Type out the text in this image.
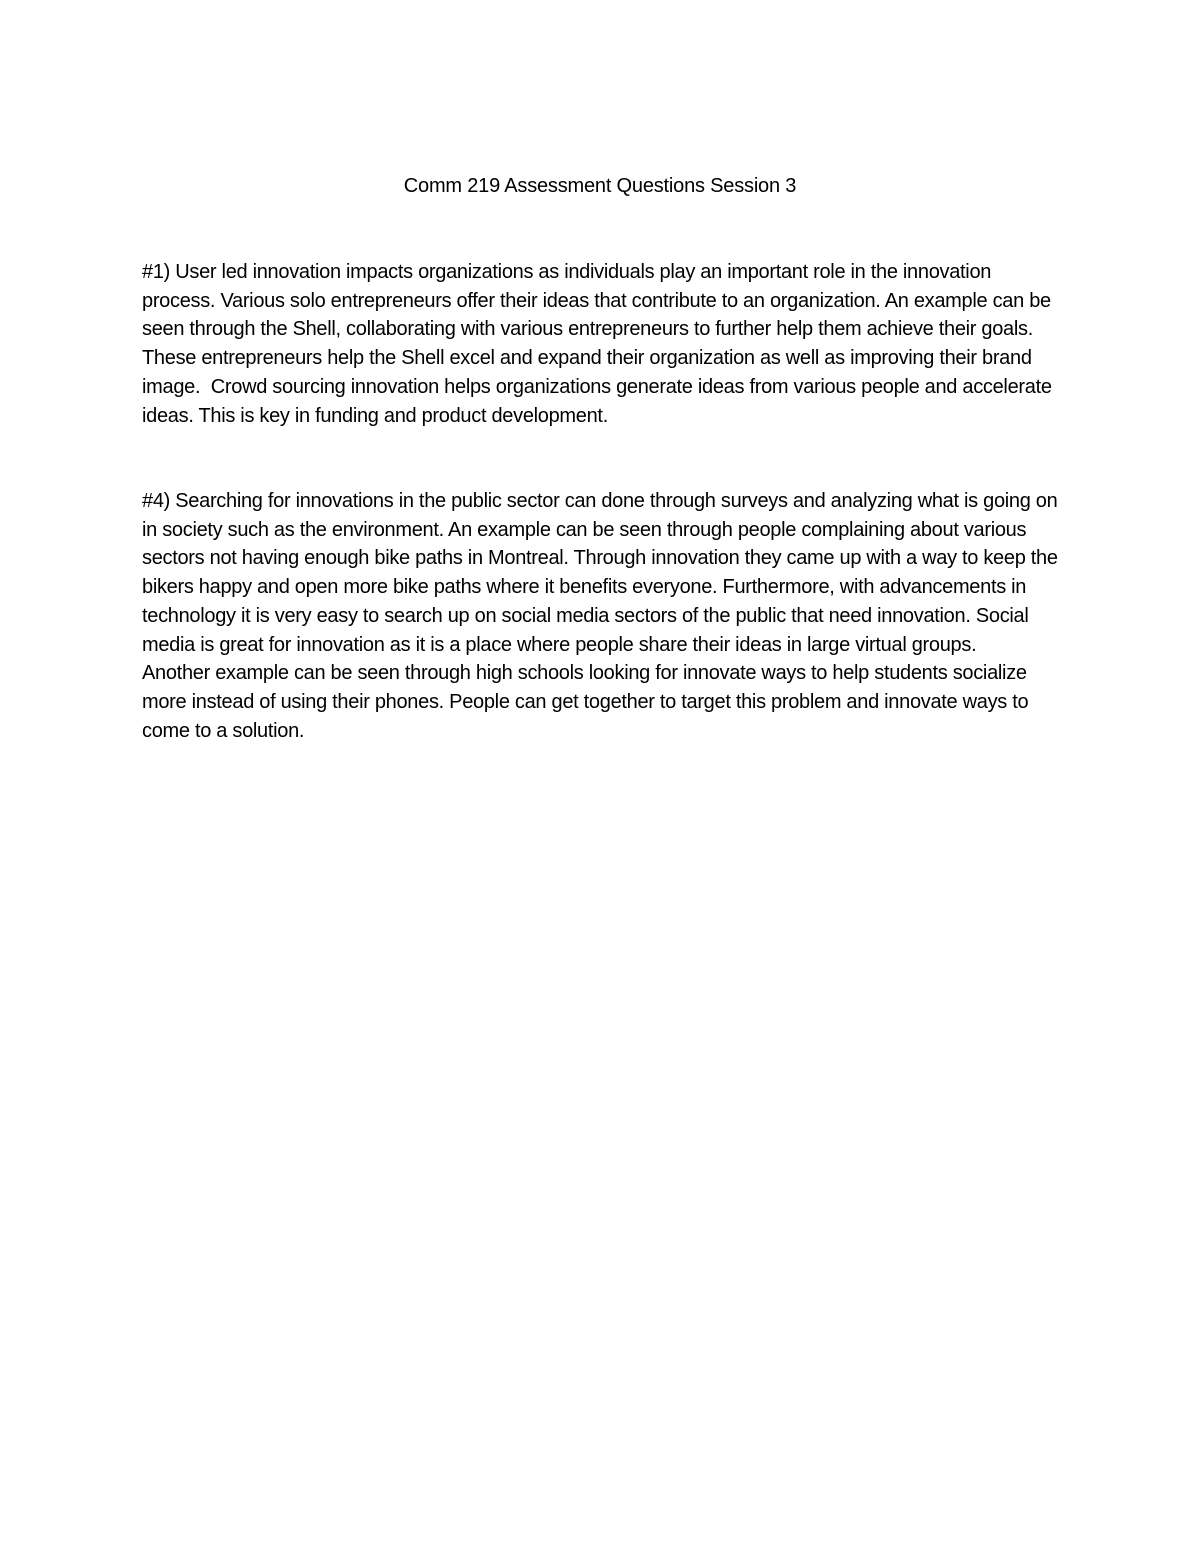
Comm 219 Assessment Questions Session 3

#1) User led innovation impacts organizations as individuals play an important role in the innovation process. Various solo entrepreneurs offer their ideas that contribute to an organization. An example can be seen through the Shell, collaborating with various entrepreneurs to further help them achieve their goals. These entrepreneurs help the Shell excel and expand their organization as well as improving their brand image.  Crowd sourcing innovation helps organizations generate ideas from various people and accelerate ideas. This is key in funding and product development.

#4) Searching for innovations in the public sector can done through surveys and analyzing what is going on in society such as the environment. An example can be seen through people complaining about various sectors not having enough bike paths in Montreal. Through innovation they came up with a way to keep the bikers happy and open more bike paths where it benefits everyone. Furthermore, with advancements in technology it is very easy to search up on social media sectors of the public that need innovation. Social media is great for innovation as it is a place where people share their ideas in large virtual groups.

Another example can be seen through high schools looking for innovate ways to help students socialize more instead of using their phones. People can get together to target this problem and innovate ways to come to a solution.
